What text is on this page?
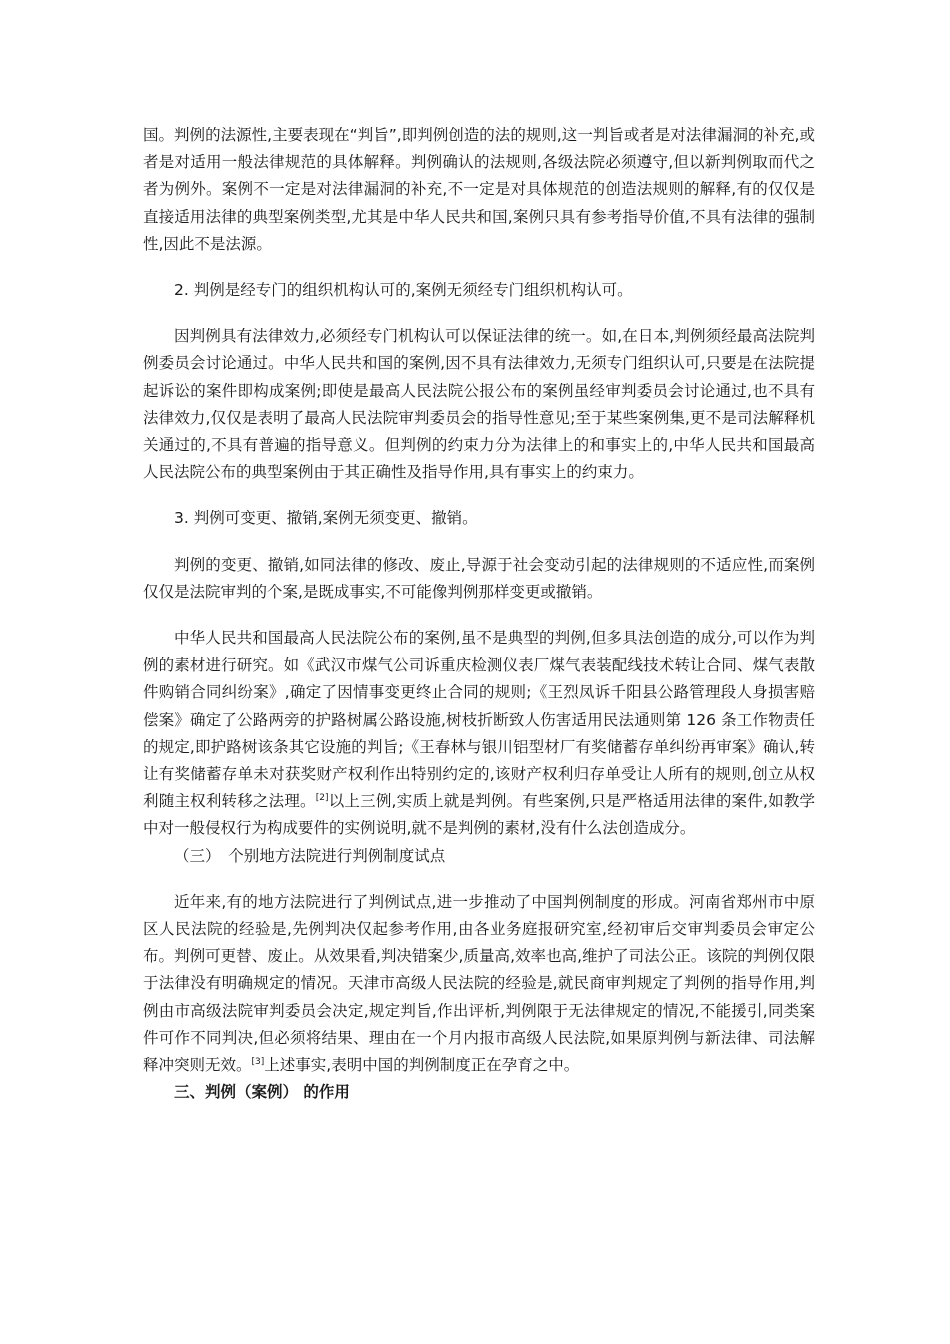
国。判例的法源性,主要表现在“判旨”,即判例创造的法的规则,这一判旨或者是对法律漏洞的补充,或者是对适用一般法律规范的具体解释。判例确认的法规则,各级法院必须遵守,但以新判例取而代之者为例外。案例不一定是对法律漏洞的补充,不一定是对具体规范的创造法规则的解释,有的仅仅是直接适用法律的典型案例类型,尤其是中华人民共和国,案例只具有参考指导价值,不具有法律的强制性,因此不是法源。

2. 判例是经专门的组织机构认可的,案例无须经专门组织机构认可。

因判例具有法律效力,必须经专门机构认可以保证法律的统一。如,在日本,判例须经最高法院判例委员会讨论通过。中华人民共和国的案例,因不具有法律效力,无须专门组织认可,只要是在法院提起诉讼的案件即构成案例;即使是最高人民法院公报公布的案例虽经审判委员会讨论通过,也不具有法律效力,仅仅是表明了最高人民法院审判委员会的指导性意见;至于某些案例集,更不是司法解释机关通过的,不具有普遍的指导意义。但判例的约束力分为法律上的和事实上的,中华人民共和国最高人民法院公布的典型案例由于其正确性及指导作用,具有事实上的约束力。

3. 判例可变更、撤销,案例无须变更、撤销。

判例的变更、撤销,如同法律的修改、废止,导源于社会变动引起的法律规则的不适应性,而案例仅仅是法院审判的个案,是既成事实,不可能像判例那样变更或撤销。

中华人民共和国最高人民法院公布的案例,虽不是典型的判例,但多具法创造的成分,可以作为判例的素材进行研究。如《武汉市煤气公司诉重庆检测仪表厂煤气表装配线技术转让合同、煤气表散件购销合同纠纷案》,确定了因情事变更终止合同的规则;《王烈凤诉千阳县公路管理段人身损害赔偿案》确定了公路两旁的护路树属公路设施,树枝折断致人伤害适用民法通则第 126 条工作物责任的规定,即护路树该条其它设施的判旨;《王春林与银川铝型材厂有奖储蓄存单纠纷再审案》确认,转让有奖储蓄存单未对获奖财产权利作出特别约定的,该财产权利归存单受让人所有的规则,创立从权利随主权利转移之法理。[2]以上三例,实质上就是判例。有些案例,只是严格适用法律的案件,如教学中对一般侵权行为构成要件的实例说明,就不是判例的素材,没有什么法创造成分。

（三）　个别地方法院进行判例制度试点

近年来,有的地方法院进行了判例试点,进一步推动了中国判例制度的形成。河南省郑州市中原区人民法院的经验是,先例判决仅起参考作用,由各业务庭报研究室,经初审后交审判委员会审定公布。判例可更替、废止。从效果看,判决错案少,质量高,效率也高,维护了司法公正。该院的判例仅限于法律没有明确规定的情况。天津市高级人民法院的经验是,就民商审判规定了判例的指导作用,判例由市高级法院审判委员会决定,规定判旨,作出评析,判例限于无法律规定的情况,不能援引,同类案件可作不同判决,但必须将结果、理由在一个月内报市高级人民法院,如果原判例与新法律、司法解释冲突则无效。[3]上述事实,表明中国的判例制度正在孕育之中。

三、判例（案例） 的作用
